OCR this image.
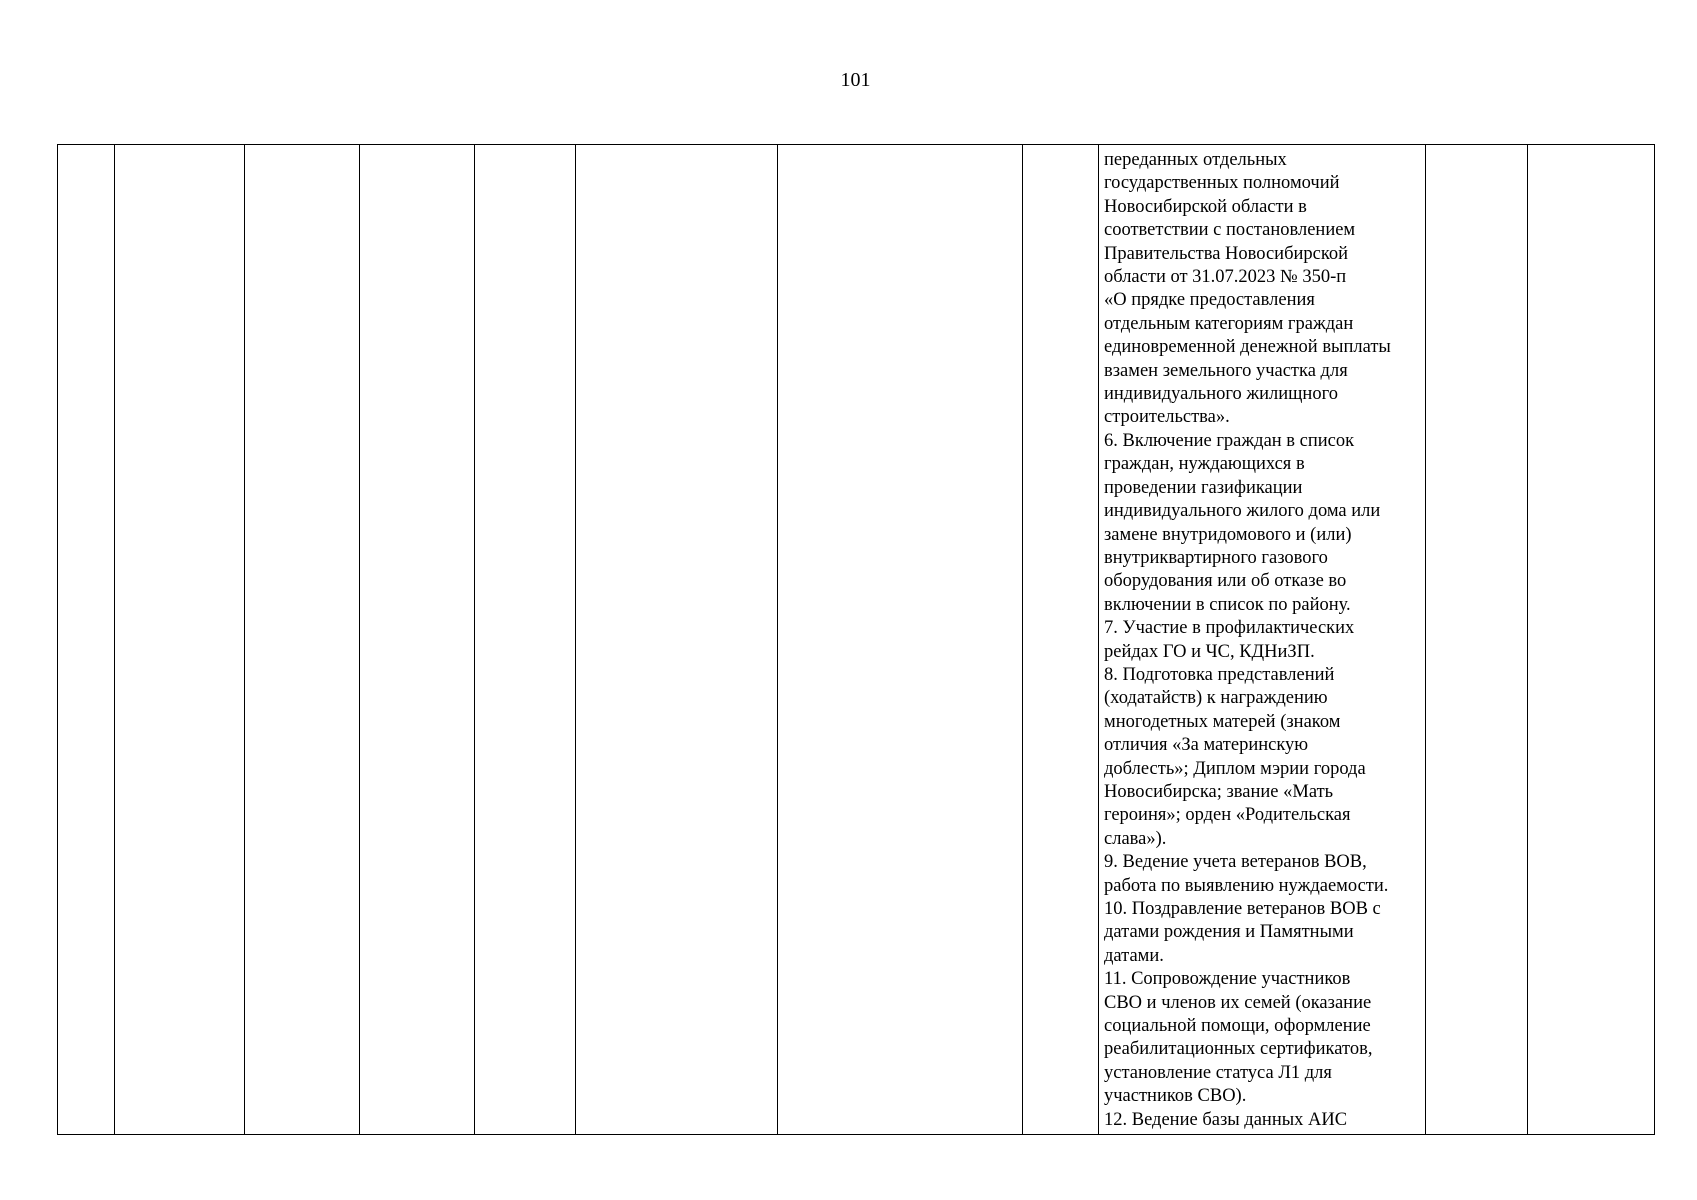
101

переданных отдельных
государственных полномочий
Новосибирской области в
соответствии с постановлением
Правительства Новосибирской
области от 31.07.2023 № 350-п
«О прядке предоставления
отдельным категориям граждан
единовременной денежной выплаты
взамен земельного участка для
индивидуального жилищного
строительства».
6. Включение граждан в список
граждан, нуждающихся в
проведении газификации
индивидуального жилого дома или
замене внутридомового и (или)
внутриквартирного газового
оборудования или об отказе во
включении в список по району.
7. Участие в профилактических
рейдах ГО и ЧС, КДНиЗП.
8. Подготовка представлений
(ходатайств) к награждению
многодетных матерей (знаком
отличия «За материнскую
доблесть»; Диплом мэрии города
Новосибирска; звание «Мать
героиня»; орден «Родительская
слава»).
9. Ведение учета ветеранов ВОВ,
работа по выявлению нуждаемости.
10. Поздравление ветеранов ВОВ с
датами рождения и Памятными
датами.
11. Сопровождение участников
СВО и членов их семей (оказание
социальной помощи, оформление
реабилитационных сертификатов,
установление статуса Л1 для
участников СВО).
12. Ведение базы данных АИС
